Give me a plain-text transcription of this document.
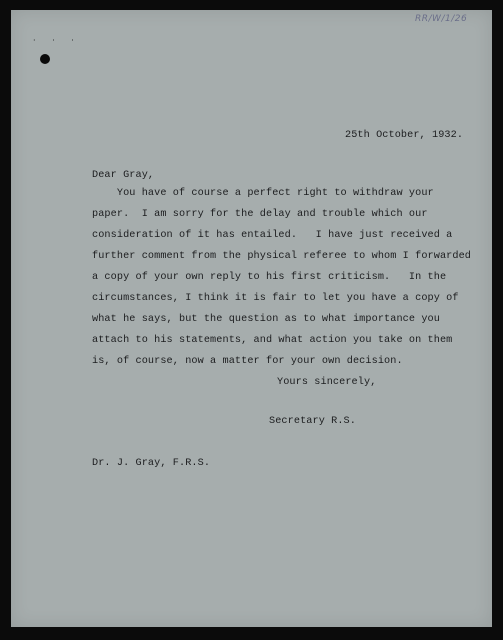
· · ·
RR/W/1/26
25th October, 1932.
Dear Gray,
You have of course a perfect right to withdraw your
paper.  I am sorry for the delay and trouble which our
consideration of it has entailed.   I have just received a
further comment from the physical referee to whom I forwarded
a copy of your own reply to his first criticism.   In the
circumstances, I think it is fair to let you have a copy of
what he says, but the question as to what importance you
attach to his statements, and what action you take on them
is, of course, now a matter for your own decision.
Yours sincerely,
Secretary R.S.
Dr. J. Gray, F.R.S.
